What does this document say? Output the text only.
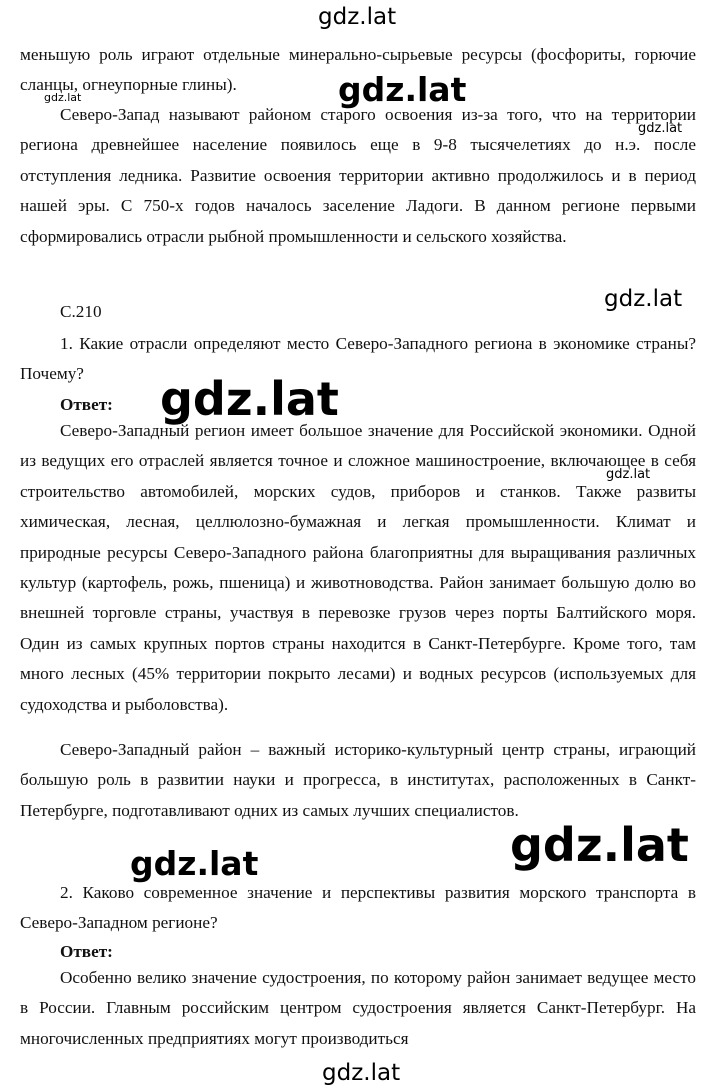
gdz.lat

меньшую роль играют отдельные минерально-сырьевые ресурсы (фосфориты, горючие сланцы, огнеупорные глины).	gdz.lat

gdz.lat

Северо-Запад называют районом старого освоения из-за того, что на территории региона древнейшее население появилось еще в 9-8 тысячелетиях до н.э. после отступления ледника. Развитие освоения территории активно продолжилось и в период нашей эры. С 750-х годов началось заселение Ладоги. В данном регионе первыми сформировались отрасли рыбной промышленности и сельского хозяйства.

gdz.lat

С.210	gdz.lat

1. Какие отрасли определяют место Северо-Западного региона в экономике страны? Почему?

Ответ: gdz.lat

Северо-Западный регион имеет большое значение для Российской экономики. Одной из ведущих его отраслей является точное и сложное машиностроение, включающее в себя строительство автомобилей, морских судов, приборов и станков. Также развиты химическая, лесная, целлюлозно-бумажная и легкая промышленности. Климат и природные ресурсы Северо-Западного района благоприятны для выращивания различных культур (картофель, рожь, пшеница) и животноводства. Район занимает большую долю во внешней торговле страны, участвуя в перевозке грузов через порты Балтийского моря. Один из самых крупных портов страны находится в Санкт-Петербурге. Кроме того, там много лесных (45% территории покрыто лесами) и водных ресурсов (используемых для судоходства и рыболовства).

gdz.lat

Северо-Западный район – важный историко-культурный центр страны, играющий большую роль в развитии науки и прогресса, в институтах, расположенных в Санкт-Петербурге, подготавливают одних из самых лучших специалистов.

gdz.lat	gdz.lat

2. Каково современное значение и перспективы развития морского транспорта в Северо-Западном регионе?

Ответ:

Особенно велико значение судостроения, по которому район занимает ведущее место в России. Главным российским центром судостроения является Санкт-Петербург. На многочисленных предприятиях могут производиться

gdz.lat
